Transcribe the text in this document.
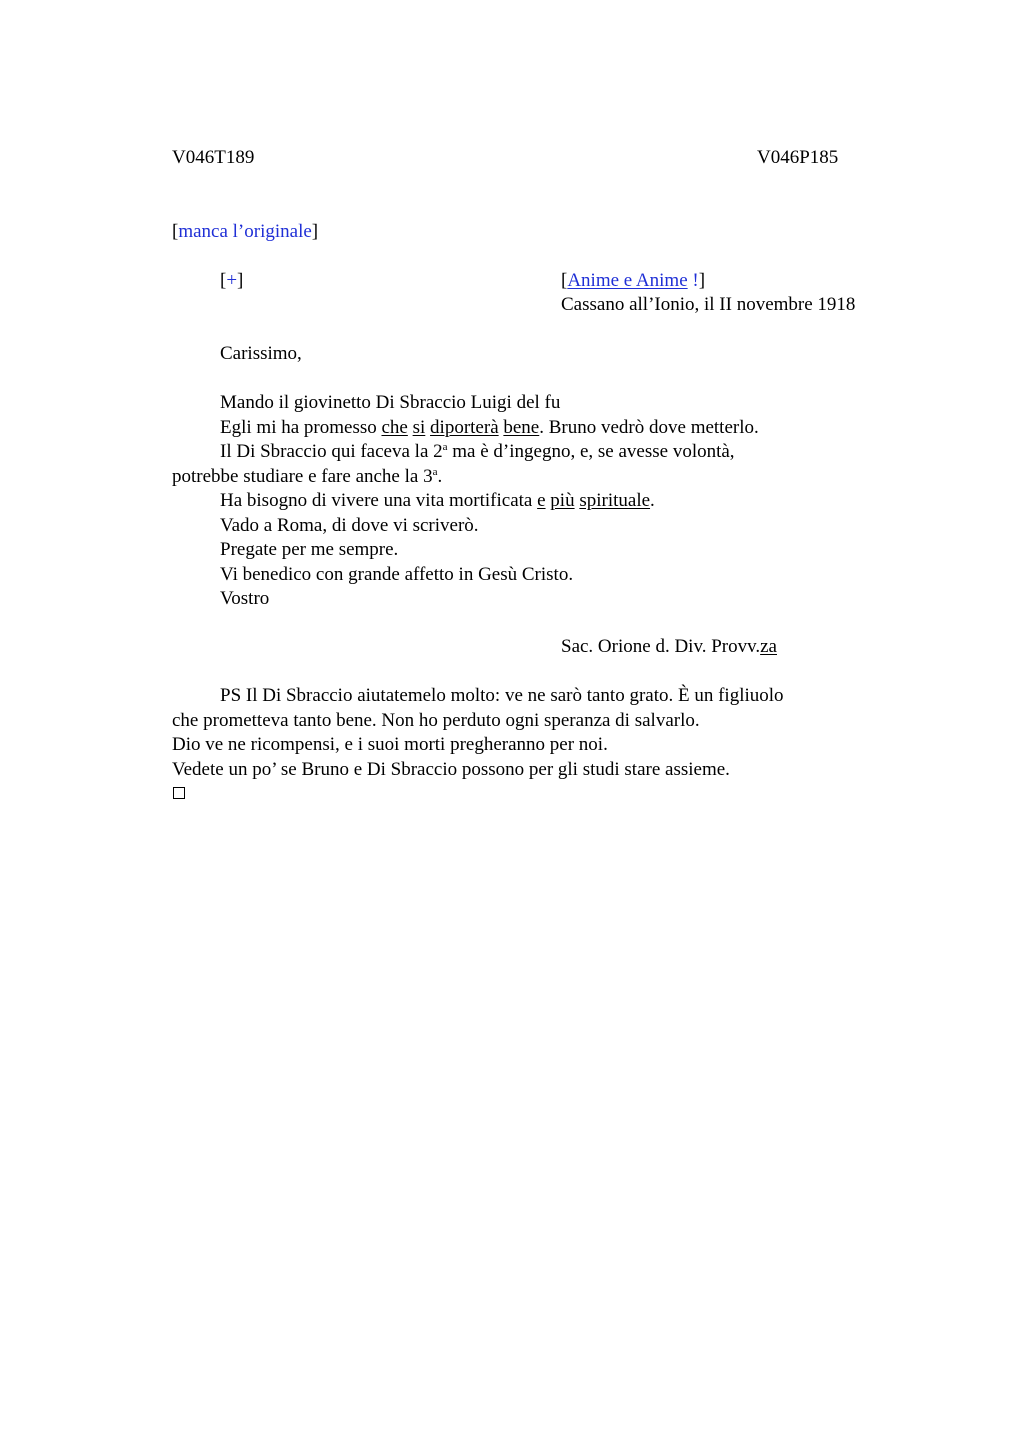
V046T189	V046P185
[manca l’originale]
[+]	[Anime e Anime !]
Cassano all’Ionio, il II novembre 1918
Carissimo,
Mando il giovinetto Di Sbraccio Luigi del fu
Egli mi ha promesso che si diporterà bene. Bruno vedrò dove metterlo.
Il Di Sbraccio qui faceva la 2$^a$ ma è d’ingegno, e, se avesse volontà,
potrebbe studiare e fare anche la 3$^a$.
Ha bisogno di vivere una vita mortificata e più spirituale.
Vado a Roma, di dove vi scriverò.
Pregate per me sempre.
Vi benedico con grande affetto in Gesù Cristo.
Vostro
Sac. Orione d. Div. Provv.za
PS Il Di Sbraccio aiutatemelo molto: ve ne sarò tanto grato. È un figliuolo
che prometteva tanto bene. Non ho perduto ogni speranza di salvarlo.
Dio ve ne ricompensi, e i suoi morti pregheranno per noi.
Vedete un po’ se Bruno e Di Sbraccio possono per gli studi stare assieme.
